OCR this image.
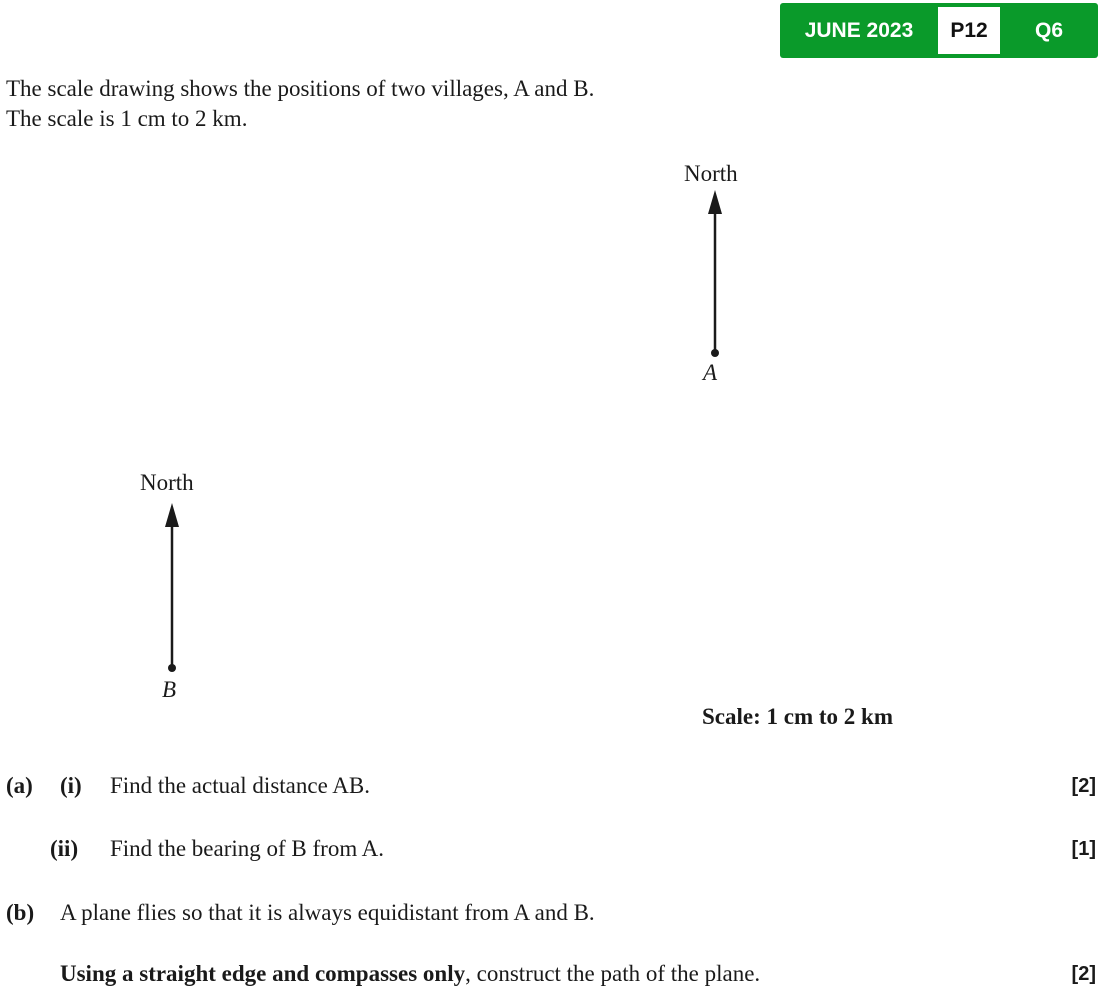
JUNE 2023	P12	Q6
The scale drawing shows the positions of two villages, A and B.
The scale is 1 cm to 2 km.
North
A
North
B
Scale: 1 cm to 2 km
(a) (i) Find the actual distance AB.	[2]
(ii) Find the bearing of B from A.	[1]
(b) A plane flies so that it is always equidistant from A and B.
Using a straight edge and compasses only, construct the path of the plane.	[2]
